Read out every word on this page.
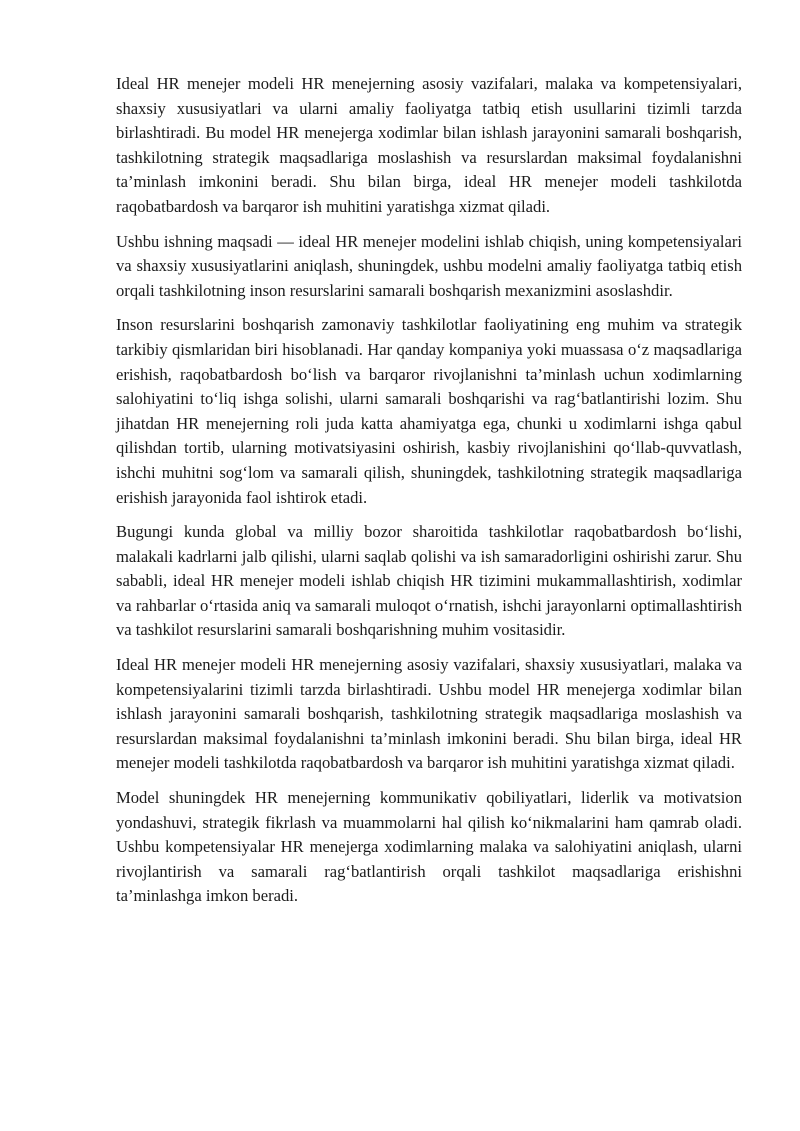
Ideal HR menejer modeli HR menejerning asosiy vazifalari, malaka va kompetensiyalari, shaxsiy xususiyatlari va ularni amaliy faoliyatga tatbiq etish usullarini tizimli tarzda birlashtiradi. Bu model HR menejerga xodimlar bilan ishlash jarayonini samarali boshqarish, tashkilotning strategik maqsadlariga moslashish va resurslardan maksimal foydalanishni ta’minlash imkonini beradi. Shu bilan birga, ideal HR menejer modeli tashkilotda raqobatbardosh va barqaror ish muhitini yaratishga xizmat qiladi.

Ushbu ishning maqsadi — ideal HR menejer modelini ishlab chiqish, uning kompetensiyalari va shaxsiy xususiyatlarini aniqlash, shuningdek, ushbu modelni amaliy faoliyatga tatbiq etish orqali tashkilotning inson resurslarini samarali boshqarish mexanizmini asoslashdir.

Inson resurslarini boshqarish zamonaviy tashkilotlar faoliyatining eng muhim va strategik tarkibiy qismlaridan biri hisoblanadi. Har qanday kompaniya yoki muassasa o‘z maqsadlariga erishish, raqobatbardosh bo‘lish va barqaror rivojlanishni ta’minlash uchun xodimlarning salohiyatini to‘liq ishga solishi, ularni samarali boshqarishi va rag‘batlantirishi lozim. Shu jihatdan HR menejerning roli juda katta ahamiyatga ega, chunki u xodimlarni ishga qabul qilishdan tortib, ularning motivatsiyasini oshirish, kasbiy rivojlanishini qo‘llab-quvvatlash, ishchi muhitni sog‘lom va samarali qilish, shuningdek, tashkilotning strategik maqsadlariga erishish jarayonida faol ishtirok etadi.

Bugungi kunda global va milliy bozor sharoitida tashkilotlar raqobatbardosh bo‘lishi, malakali kadrlarni jalb qilishi, ularni saqlab qolishi va ish samaradorligini oshirishi zarur. Shu sababli, ideal HR menejer modeli ishlab chiqish HR tizimini mukammallashtirish, xodimlar va rahbarlar o‘rtasida aniq va samarali muloqot o‘rnatish, ishchi jarayonlarni optimallashtirish va tashkilot resurslarini samarali boshqarishning muhim vositasidir.

Ideal HR menejer modeli HR menejerning asosiy vazifalari, shaxsiy xususiyatlari, malaka va kompetensiyalarini tizimli tarzda birlashtiradi. Ushbu model HR menejerga xodimlar bilan ishlash jarayonini samarali boshqarish, tashkilotning strategik maqsadlariga moslashish va resurslardan maksimal foydalanishni ta’minlash imkonini beradi. Shu bilan birga, ideal HR menejer modeli tashkilotda raqobatbardosh va barqaror ish muhitini yaratishga xizmat qiladi.

Model shuningdek HR menejerning kommunikativ qobiliyatlari, liderlik va motivatsion yondashuvi, strategik fikrlash va muammolarni hal qilish ko‘nikmalarini ham qamrab oladi. Ushbu kompetensiyalar HR menejerga xodimlarning malaka va salohiyatini aniqlash, ularni rivojlantirish va samarali rag‘batlantirish orqali tashkilot maqsadlariga erishishni ta’minlashga imkon beradi.
